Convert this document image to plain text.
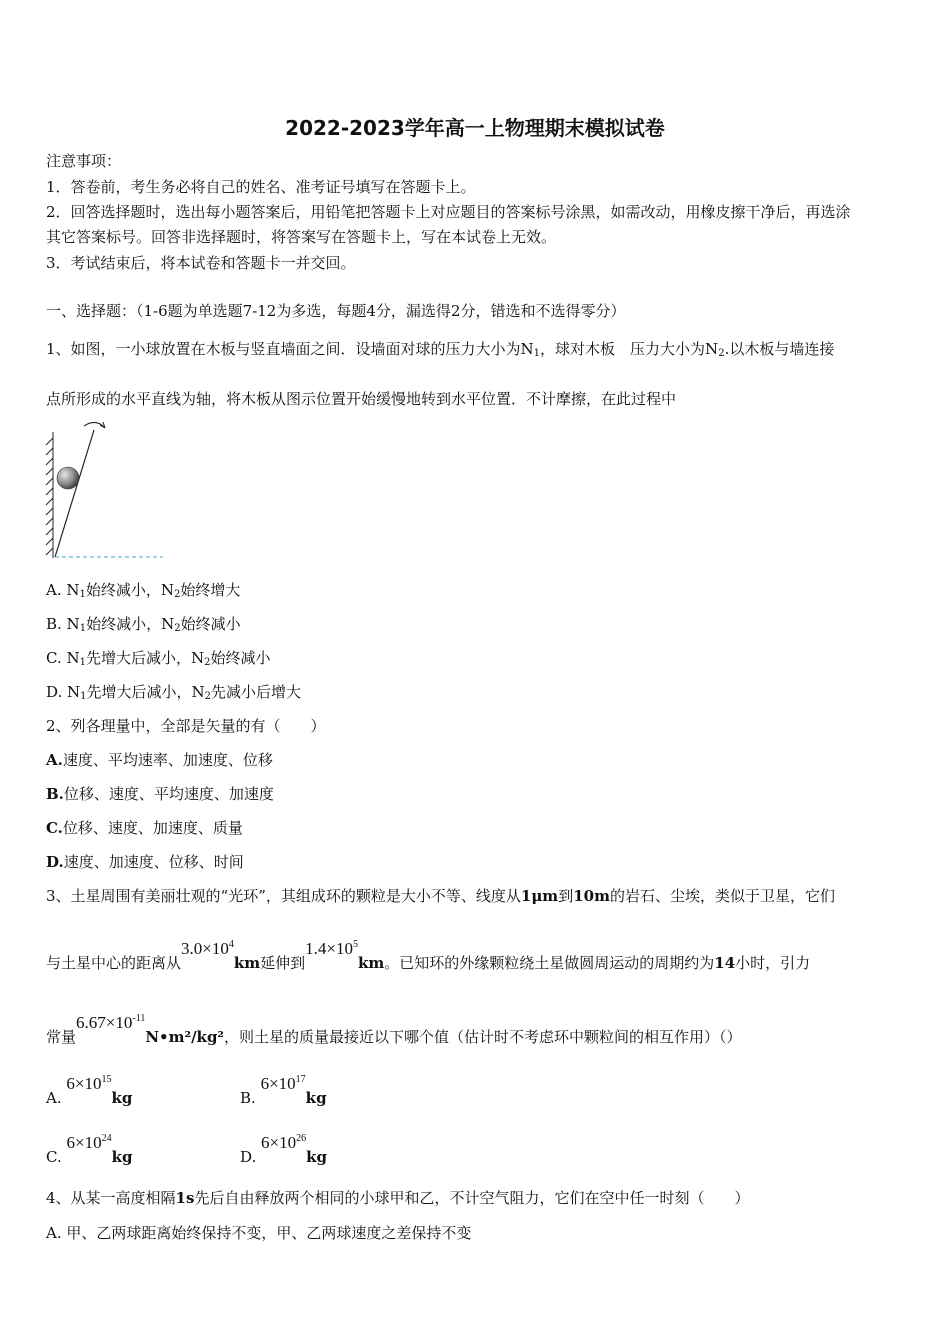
2022-2023学年高一上物理期末模拟试卷
注意事项：
1．答卷前，考生务必将自己的姓名、准考证号填写在答题卡上。
2．回答选择题时，选出每小题答案后，用铅笔把答题卡上对应题目的答案标号涂黑，如需改动，用橡皮擦干净后，再选涂
其它答案标号。回答非选择题时，将答案写在答题卡上，写在本试卷上无效。
3．考试结束后，将本试卷和答题卡一并交回。
一、选择题：（1-6题为单选题7-12为多选，每题4分，漏选得2分，错选和不选得零分）
1、如图，一小球放置在木板与竖直墙面之间．设墙面对球的压力大小为$N_1$，球对木板　压力大小为$N_2$.以木板与墙连接
点所形成的水平直线为轴，将木板从图示位置开始缓慢地转到水平位置．不计摩擦，在此过程中
A. $N_1$始终减小，$N_2$始终增大
B. $N_1$始终减小，$N_2$始终减小
C. $N_1$先增大后减小，$N_2$始终减小
D. $N_1$先增大后减小，$N_2$先减小后增大
2、列各理量中，全部是矢量的有（　　）
A.速度、平均速率、加速度、位移
B.位移、速度、平均速度、加速度
C.位移、速度、加速度、质量
D.速度、加速度、位移、时间
3、土星周围有美丽壮观的“光环”，其组成环的颗粒是大小不等、线度从1μm到10m的岩石、尘埃，类似于卫星，它们
与土星中心的距离从$3.0\times 10^4km$延伸到$1.4\times 10^5km$。已知环的外缘颗粒绕土星做圆周运动的周期约为14小时，引力
常量$6.67\times 10^{-11}N•m^2$/kg²，则土星的质量最接近以下哪个值（估计时不考虑环中颗粒间的相互作用）（）
A. $6\times 10^{15}kg$	B. $6\times 10^{17}kg$
C. $6\times 10^{24}kg$	D. $6\times 10^{26}kg$
4、从某一高度相隔1s先后自由释放两个相同的小球甲和乙，不计空气阻力，它们在空中任一时刻（　　）
A. 甲、乙两球距离始终保持不变，甲、乙两球速度之差保持不变
